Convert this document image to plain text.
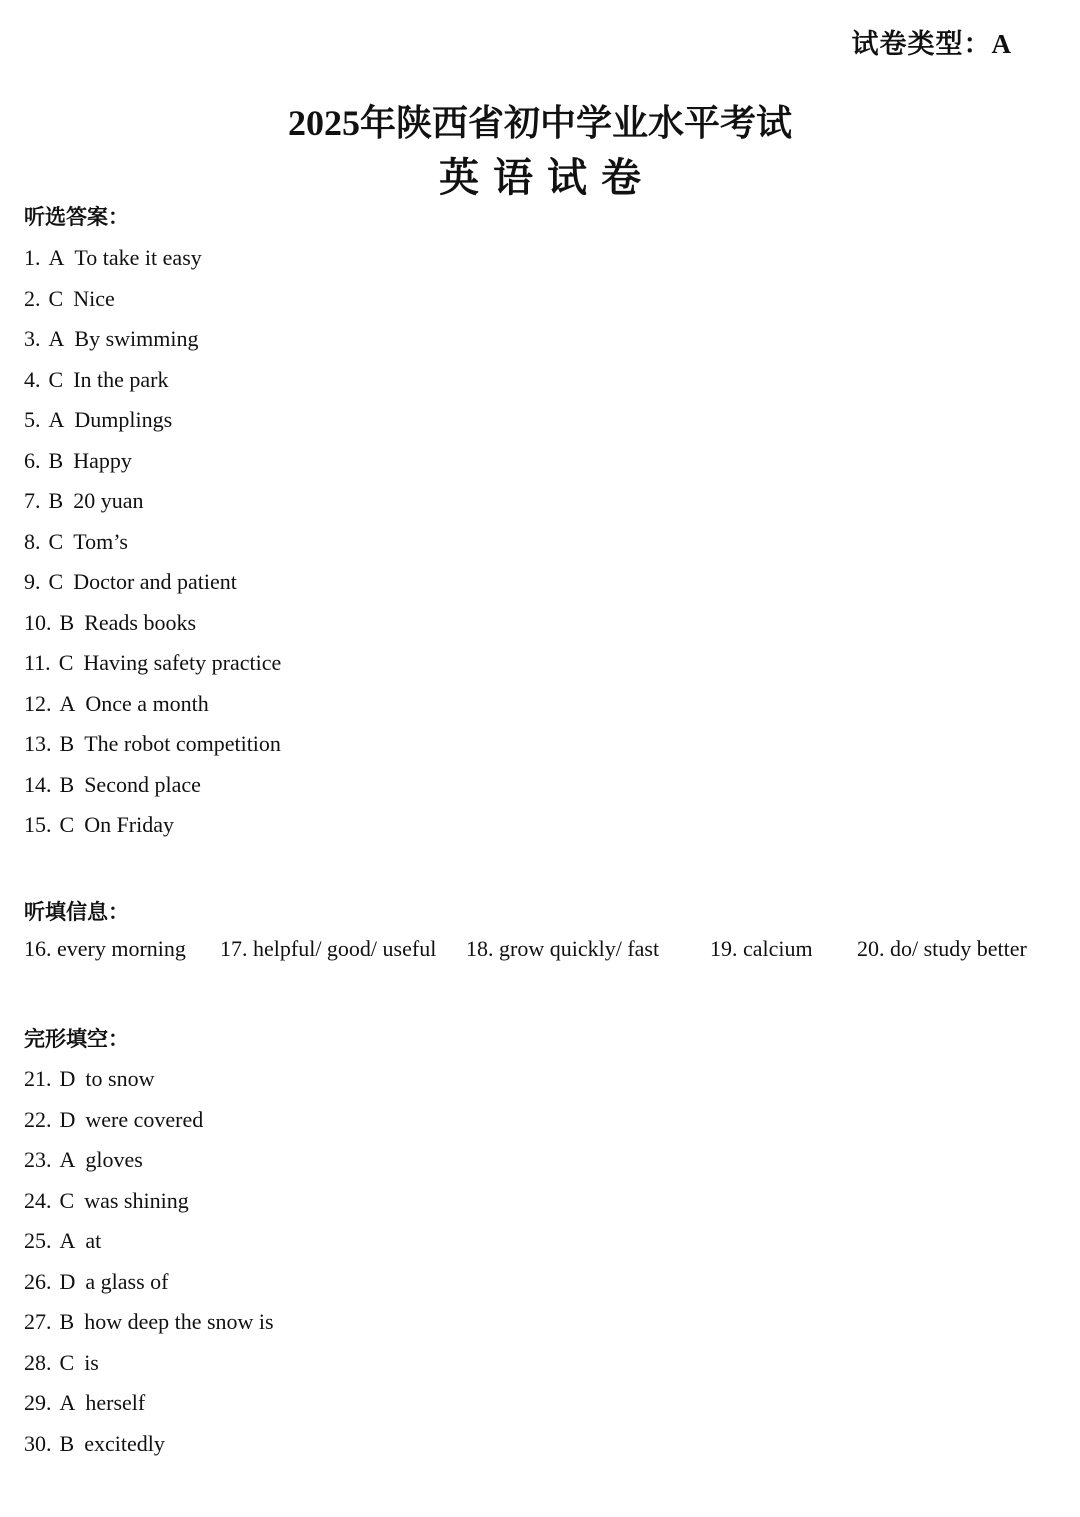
试卷类型：A
2025年陕西省初中学业水平考试
英语试卷
听选答案：
1. A To take it easy
2. C Nice
3. A By swimming
4. C In the park
5. A Dumplings
6. B Happy
7. B 20 yuan
8. C Tom’s
9. C Doctor and patient
10. B Reads books
11. C Having safety practice
12. A Once a month
13. B The robot competition
14. B Second place
15. C On Friday
听填信息：
16. every morning 17. helpful/ good/ useful 18. grow quickly/ fast 19. calcium 20. do/ study better
完形填空：
21. D to snow
22. D were covered
23. A gloves
24. C was shining
25. A at
26. D a glass of
27. B how deep the snow is
28. C is
29. A herself
30. B excitedly
